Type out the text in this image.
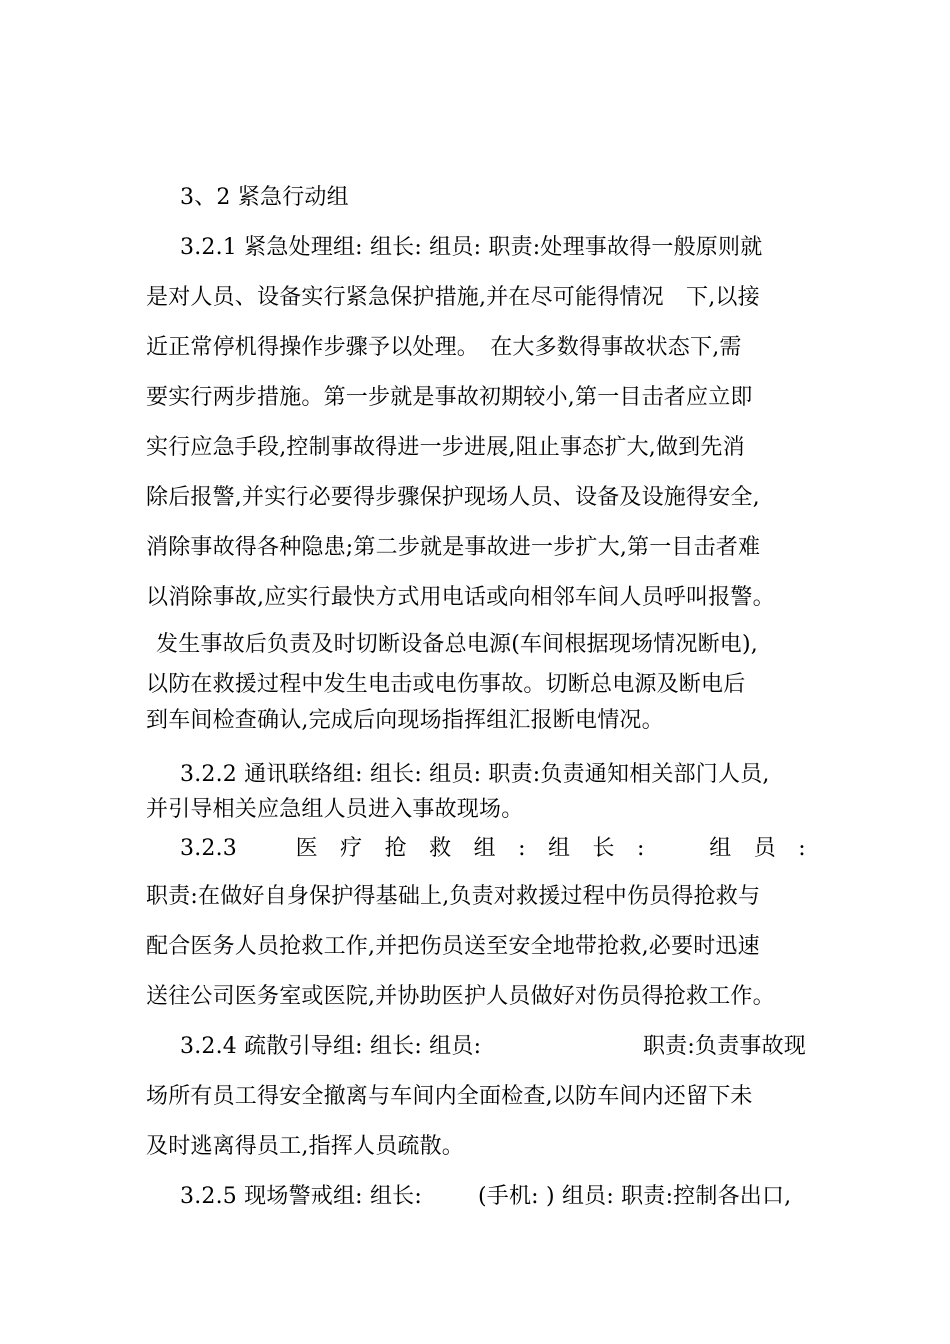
3、2 紧急行动组
3.2.1 紧急处理组: 组长: 组员: 职责:处理事故得一般原则就
是对人员、设备实行紧急保护措施,并在尽可能得情况　下,以接
近正常停机得操作步骤予以处理。　在大多数得事故状态下,需
要实行两步措施。第一步就是事故初期较小,第一目击者应立即
实行应急手段,控制事故得进一步进展,阻止事态扩大,做到先消
除后报警,并实行必要得步骤保护现场人员、设备及设施得安全,
消除事故得各种隐患;第二步就是事故进一步扩大,第一目击者难
以消除事故,应实行最快方式用电话或向相邻车间人员呼叫报警。
发生事故后负责及时切断设备总电源(车间根据现场情况断电),
以防在救援过程中发生电击或电伤事故。切断总电源及断电后
到车间检查确认,完成后向现场指挥组汇报断电情况。
3.2.2 通讯联络组: 组长: 组员: 职责:负责通知相关部门人员,
并引导相关应急组人员进入事故现场。
3.2.3	医 疗 抢 救 组 : 组 长 :	组 员 :
职责:在做好自身保护得基础上,负责对救援过程中伤员得抢救与
配合医务人员抢救工作,并把伤员送至安全地带抢救,必要时迅速
送往公司医务室或医院,并协助医护人员做好对伤员得抢救工作。
3.2.4 疏散引导组: 组长: 组员:	职责:负责事故现
场所有员工得安全撤离与车间内全面检查,以防车间内还留下未
及时逃离得员工,指挥人员疏散。
3.2.5 现场警戒组: 组长:	(手机: ) 组员: 职责:控制各出口,
